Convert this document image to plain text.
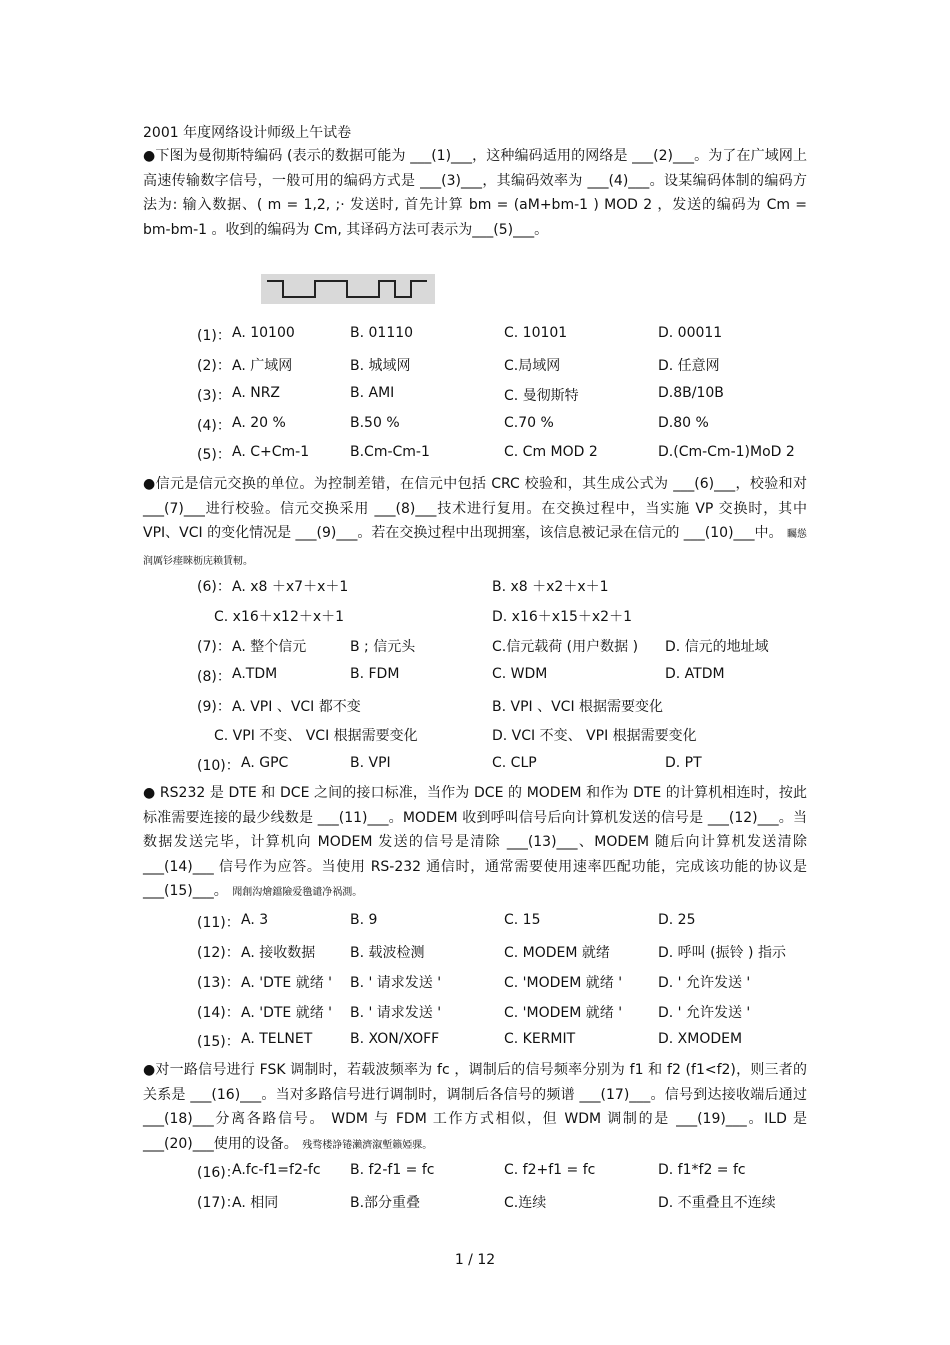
2001 年度网络设计师级上午试卷
●下图为曼彻斯特编码 (表示的数据可能为 ___(1)___，这种编码适用的网络是 ___(2)___。为了在广域网上高速传输数字信号，一般可用的编码方式是 ___(3)___，其编码效率为 ___(4)___。设某编码体制的编码方法为: 输入数据、( m = 1,2, ;· 发送时, 首先计算 bm = (aM+bm-1 ) MOD 2 ，发送的编码为 Cm = bm-bm-1 。收到的编码为 Cm, 其译码方法可表示为___(5)___。
●信元是信元交换的单位。为控制差错，在信元中包括 CRC 校验和，其生成公式为 ___(6)___，校验和对 ___(7)___进行校验。信元交换采用 ___(8)___技术进行复用。在交换过程中，当实施 VP 交换时，其中 VPI、VCI 的变化情况是 ___(9)___。若在交换过程中出现拥塞，该信息被记录在信元的 ___(10)___中。 矚慫润厲钐瘗睞枥庑赖賃軔。
● RS232 是 DTE 和 DCE 之间的接口标准，当作为 DCE 的 MODEM 和作为 DTE 的计算机相连时，按此标准需要连接的最少线数是 ___(11)___。MODEM 收到呼叫信号后向计算机发送的信号是 ___(12)___。当数据发送完毕，计算机向 MODEM 发送的信号是清除 ___(13)___、MODEM 随后向计算机发送清除 ___(14)___ 信号作为应答。当使用 RS-232 通信时，通常需要使用速率匹配功能，完成该功能的协议是 ___(15)___。 聞創沟燴鐺險爱氇谴净祸測。
●对一路信号进行 FSK 调制时，若载波频率为 fc ，调制后的信号频率分别为 f1 和 f2 (f1<f2)，则三者的关系是 ___(16)___。当对多路信号进行调制时，调制后各信号的频谱 ___(17)___。信号到达接收端后通过 ___(18)___分离各路信号。 WDM 与 FDM 工作方式相似，但 WDM 调制的是 ___(19)___。ILD 是 ___(20)___使用的设备。 残骛楼諍锩瀨濟溆塹籟婭骒。
(1)： A. 10100	B. 01110	C. 10101	D. 00011
(2)： A. 广域网	B. 城域网	C.局域网	D. 任意网
(3)： A. NRZ	B. AMI	C. 曼彻斯特	D.8B/10B
(4)： A. 20 %	B.50 %	C.70 %	D.80 %
(5)： A. C+Cm-1	B.Cm-Cm-1	C. Cm MOD 2	D.(Cm-Cm-1)MoD 2
(6)： A. x8 ＋x7＋x＋1	B. x8 ＋x2＋x＋1
C. x16＋x12＋x＋1	D. x16＋x15＋x2＋1
(7)： A. 整个信元	B ; 信元头	C.信元载荷 (用户数据 ) D. 信元的地址域
(8)： A.TDM	B. FDM	C. WDM	D. ATDM
(9)： A. VPI 、VCI 都不变	B. VPI 、VCI 根据需要变化
C. VPI 不变、 VCI 根据需要变化	D. VCI 不变、 VPI 根据需要变化
(10)： A. GPC	B. VPI	C. CLP	D. PT
(11)： A. 3	B. 9	C. 15	D. 25
(12)： A. 接收数据 B. 载波检测	C. MODEM 就绪	D. 呼叫 (振铃 ) 指示
(13)： A. 'DTE 就绪 ' B. ' 请求发送 '	C. 'MODEM 就绪 '	D. ' 允许发送 '
(14)： A. 'DTE 就绪 ' B. ' 请求发送 '	C. 'MODEM 就绪 '	D. ' 允许发送 '
(15)： A. TELNET	B. XON/XOFF	C. KERMIT	D. XMODEM
(16)：
A.fc-f1=f2-fc B. f2-f1 = fc	C. f2+f1 = fc	D. f1*f2 = fc
(17)：
A. 相同	B.部分重叠	C.连续	D. 不重叠且不连续
1 / 12
